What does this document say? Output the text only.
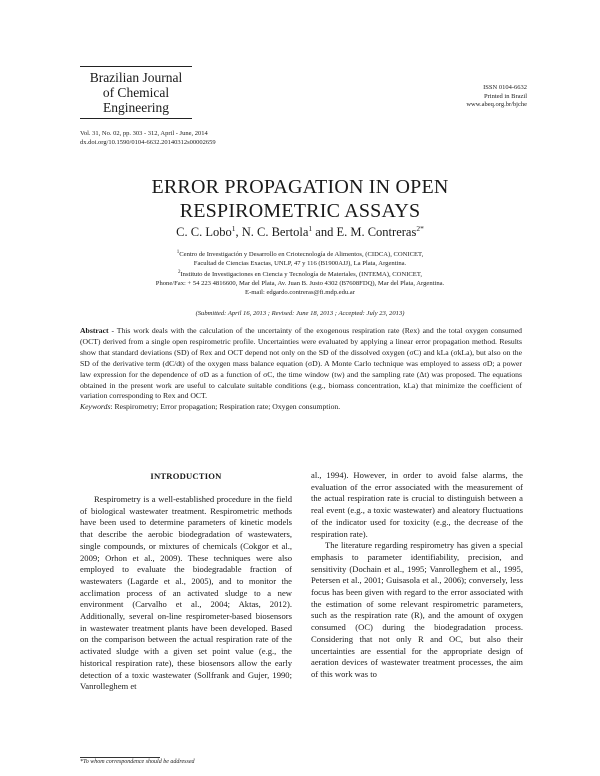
Brazilian Journal
of Chemical
Engineering
ISSN 0104-6632
Printed in Brazil
www.abeq.org.br/bjche
Vol. 31, No. 02, pp. 303 - 312, April - June, 2014
dx.doi.org/10.1590/0104-6632.20140312s00002659
ERROR PROPAGATION IN OPEN
RESPIROMETRIC ASSAYS
C. C. Lobo$^1$, N. C. Bertola$^1$ and E. M. Contreras$^{2*}$
$^1$Centro de Investigación y Desarrollo en Criotecnología de Alimentos, (CIDCA), CONICET,
Facultad de Ciencias Exactas, UNLP, 47 y 116 (B1900AJJ), La Plata, Argentina.
$^2$Instituto de Investigaciones en Ciencia y Tecnología de Materiales, (INTEMA), CONICET,
Phone/Fax: + 54 223 4816600, Mar del Plata, Av. Juan B. Justo 4302 (B7608FDQ), Mar del Plata, Argentina.
E-mail: edgardo.contreras@fi.mdp.edu.ar
(Submitted: April 16, 2013 ; Revised: June 18, 2013 ; Accepted: July 23, 2013)

Abstract - This work deals with the calculation of the uncertainty of the exogenous respiration rate (Rex) and the total oxygen consumed (OCT) derived from a single open respirometric profile. Uncertainties were evaluated by applying a linear error propagation method. Results show that standard deviations (SD) of Rex and OCT depend not only on the SD of the dissolved oxygen (σC) and kLa (σkLa), but also on the SD of the derivative term (dC/dt) of the oxygen mass balance equation (σD). A Monte Carlo technique was employed to assess σD; a power law expression for the dependence of σD as a function of σC, the time window (tw) and the sampling rate (Δt) was proposed. The equations obtained in the present work are useful to calculate suitable conditions (e.g., biomass concentration, kLa) that minimize the coefficient of variation corresponding to Rex and OCT.

Keywords: Respirometry; Error propagation; Respiration rate; Oxygen consumption.

INTRODUCTION

Respirometry is a well-established procedure in the field of biological wastewater treatment. Respirometric methods have been used to determine parameters of kinetic models that describe the aerobic biodegradation of wastewaters, single compounds, or mixtures of chemicals (Cokgor et al., 2009; Orhon et al., 2009). These techniques were also employed to evaluate the biodegradable fraction of wastewaters (Lagarde et al., 2005), and to monitor the acclimation process of an activated sludge to a new environment (Carvalho et al., 2004; Aktas, 2012). Additionally, several on-line respirometer-based biosensors in wastewater treatment plants have been developed. Based on the comparison between the actual respiration rate of the activated sludge with a given set point value (e.g., the historical respiration rate), these biosensors allow the early detection of a toxic wastewater (Sollfrank and Gujer, 1990; Vanrolleghem et

al., 1994). However, in order to avoid false alarms, the evaluation of the error associated with the measurement of the actual respiration rate is crucial to distinguish between a real event (e.g., a toxic wastewater) and aleatory fluctuations of the indicator used for toxicity (e.g., the decrease of the respiration rate).

The literature regarding respirometry has given a special emphasis to parameter identifiability, precision, and sensitivity (Dochain et al., 1995; Vanrolleghem et al., 1995, Petersen et al., 2001; Guisasola et al., 2006); conversely, less focus has been given with regard to the error associated with the estimation of some relevant respirometric parameters, such as the respiration rate (R), and the amount of oxygen consumed (OC) during the biodegradation process. Considering that not only R and OC, but also their uncertainties are essential for the appropriate design of aeration devices of wastewater treatment processes, the aim of this work was to

*To whom correspondence should be addressed
